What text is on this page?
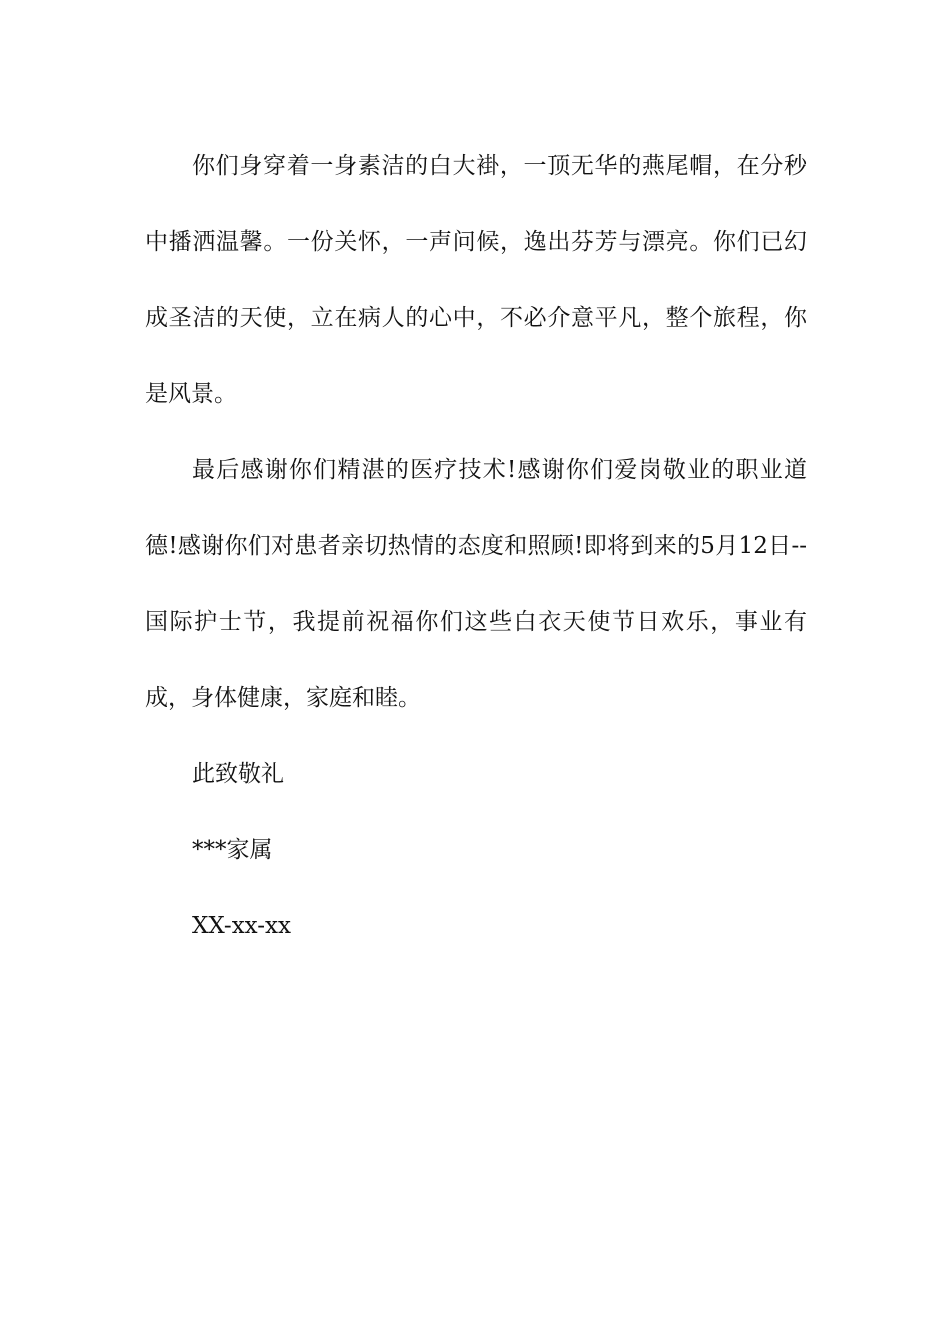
你们身穿着一身素洁的白大褂，一顶无华的燕尾帽，在分秒中播洒温馨。一份关怀，一声问候，逸出芬芳与漂亮。你们已幻成圣洁的天使，立在病人的心中，不必介意平凡，整个旅程，你是风景。

最后感谢你们精湛的医疗技术!感谢你们爱岗敬业的职业道德!感谢你们对患者亲切热情的态度和照顾!即将到来的5月12日--国际护士节，我提前祝福你们这些白衣天使节日欢乐，事业有成，身体健康，家庭和睦。

此致敬礼
***家属
XX-xx-xx
